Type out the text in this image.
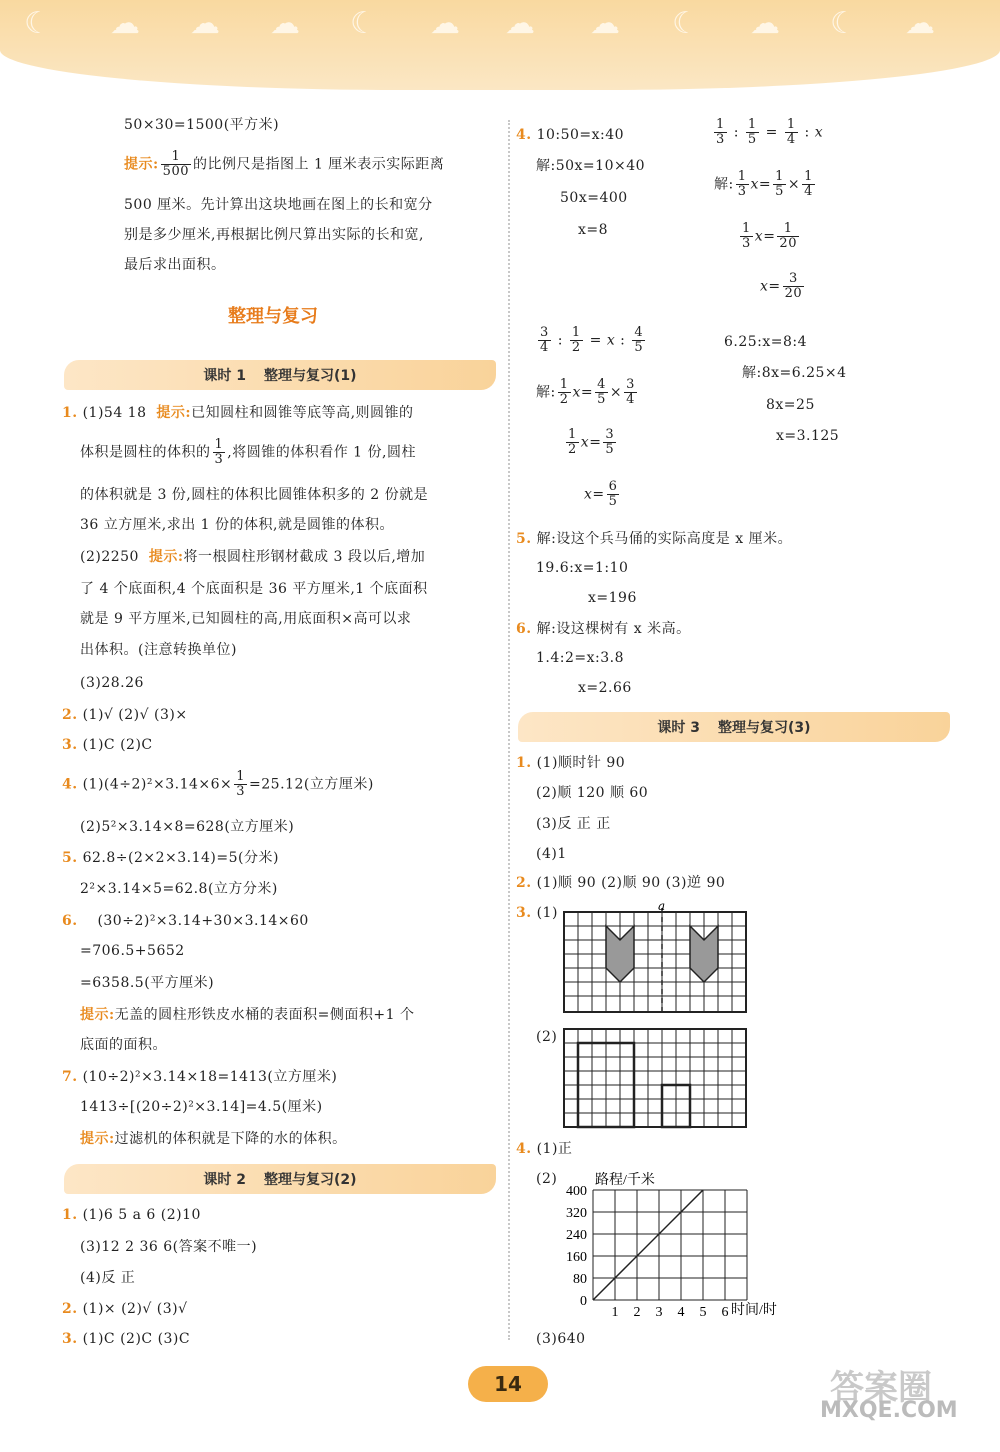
☾ ☁ ☁ ☁ ☾ ☁ ☁ ☁ ☾ ☁ ☾ ☁
50×30=1500(平方米)
提示: $\frac{1}{500}$ 的比例尺是指图上 1 厘米表示实际距离
500 厘米。先计算出这块地画在图上的长和宽分
别是多少厘米,再根据比例尺算出实际的长和宽,
最后求出面积。
整理与复习
课时 1 整理与复习(1)
1. (1)54 18 提示:已知圆柱和圆锥等底等高,则圆锥的
体积是圆柱的体积的 $\frac{1}{3}$ ,将圆锥的体积看作 1 份,圆柱
的体积就是 3 份,圆柱的体积比圆锥体积多的 2 份就是
36 立方厘米,求出 1 份的体积,就是圆锥的体积。
(2)2250 提示:将一根圆柱形钢材截成 3 段以后,增加
了 4 个底面积,4 个底面积是 36 平方厘米,1 个底面积
就是 9 平方厘米,已知圆柱的高,用底面积×高可以求
出体积。(注意转换单位)
(3)28.26
2. (1)√ (2)√ (3)×
3. (1)C (2)C
4. $(1)(4\div 2)^2\times 3.14\times 6\times \frac{1}{3} =25.12$(立方厘米)
(2)5²×3.14×8=628(立方厘米)
5. 62.8÷(2×2×3.14)=5(分米)
2²×3.14×5=62.8(立方分米)
6. (30÷2)²×3.14+30×3.14×60
=706.5+5652
=6358.5(平方厘米)
提示:无盖的圆柱形铁皮水桶的表面积=侧面积+1 个
底面的面积。
7. (10÷2)²×3.14×18=1413(立方厘米)
1413÷[(20÷2)²×3.14]=4.5(厘米)
提示:过滤机的体积就是下降的水的体积。
课时 2 整理与复习(2)
1. (1)6 5 a 6 (2)10
(3)12 2 36 6(答案不唯一)
(4)反 正
2. (1)× (2)√ (3)√
3. (1)C (2)C (3)C
4. 10:50=x:40
解:50x=10×40
50x=400
x=8
$\frac{1}{3}$ : $\frac{1}{5} = \frac{1}{4}$ : x
解: $\frac{1}{3} x= \frac{1}{5} \times \frac{1}{4}$
$\frac{1}{3} x= \frac{1}{20}$
$x= \frac{3}{20}$
$\frac{3}{4}$ : $\frac{1}{2} = x$ : $\frac{4}{5}$
解: $\frac{1}{2} x= \frac{4}{5} \times \frac{3}{4}$
$\frac{1}{2} x= \frac{3}{5}$
$x= \frac{6}{5}$
6.25:x=8:4
解:8x=6.25×4
8x=25
x=3.125
5. 解:设这个兵马俑的实际高度是 x 厘米。
19.6:x=1:10
x=196
6. 解:设这棵树有 x 米高。
1.4:2=x:3.8
x=2.66
课时 3 整理与复习(3)
1. (1)顺时针 90
(2)顺 120 顺 60
(3)反 正 正
(4)1
2. (1)顺 90 (2)顺 90 (3)逆 90
3. (1)	a
(2)
4. (1)正
(2)
0
80
160
240
320
400
1 2 3 4 5 6
路程/千米
时间/时
(3)640
14	答案圈
MXQE.COM
